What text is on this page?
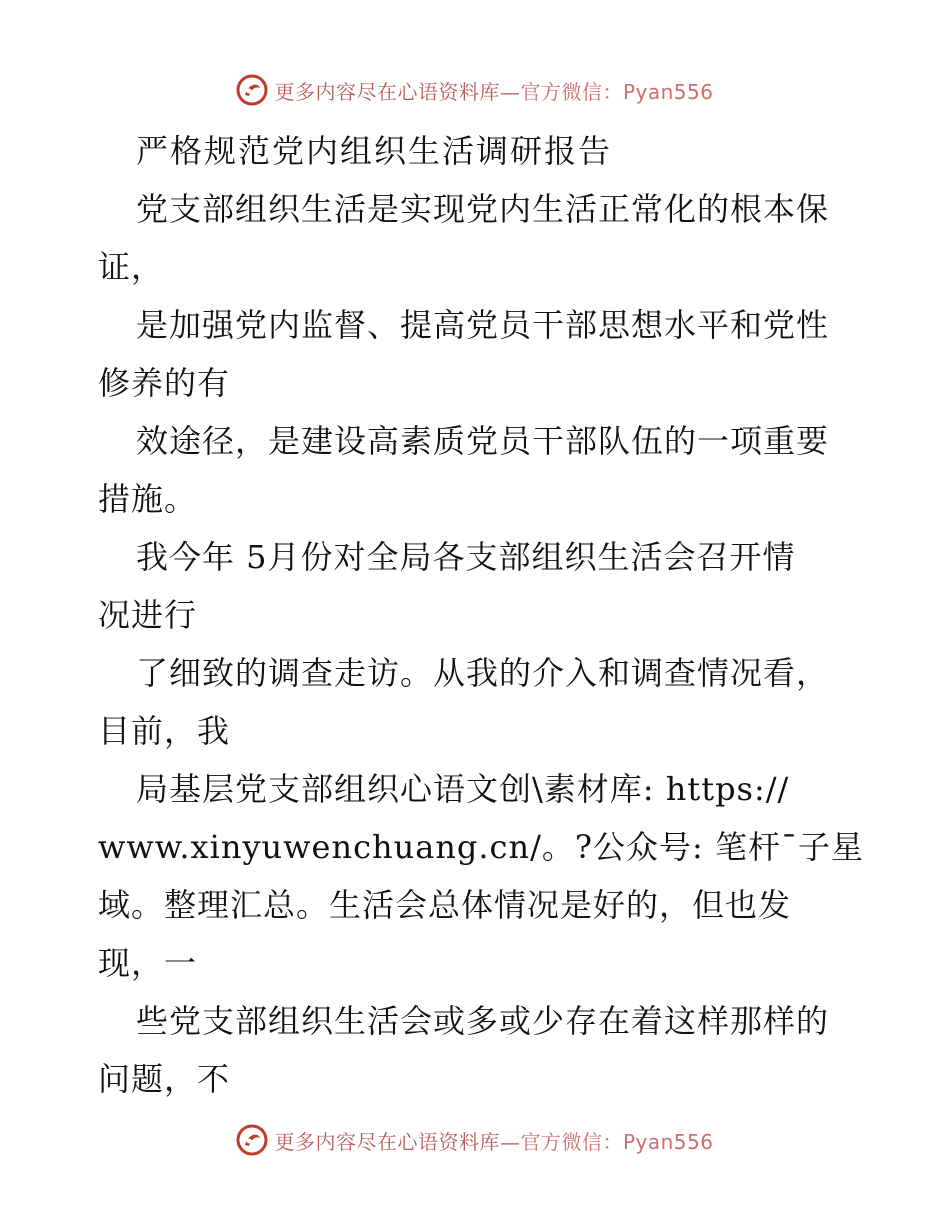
更多内容尽在心语资料库—官方微信：Pyan556
严格规范党内组织生活调研报告
党支部组织生活是实现党内生活正常化的根本保
证，
是加强党内监督、提高党员干部思想水平和党性
修养的有
效途径，是建设高素质党员干部队伍的一项重要
措施。
我今年 5月份对全局各支部组织生活会召开情
况进行
了细致的调查走访。从我的介入和调查情况看，
目前，我
局基层党支部组织心语文创\素材库: https://
www.xinyuwenchuang.cn/。?公众号: 笔杆¯子星
域。整理汇总。生活会总体情况是好的，但也发
现，一
些党支部组织生活会或多或少存在着这样那样的
问题，不
更多内容尽在心语资料库—官方微信：Pyan556
